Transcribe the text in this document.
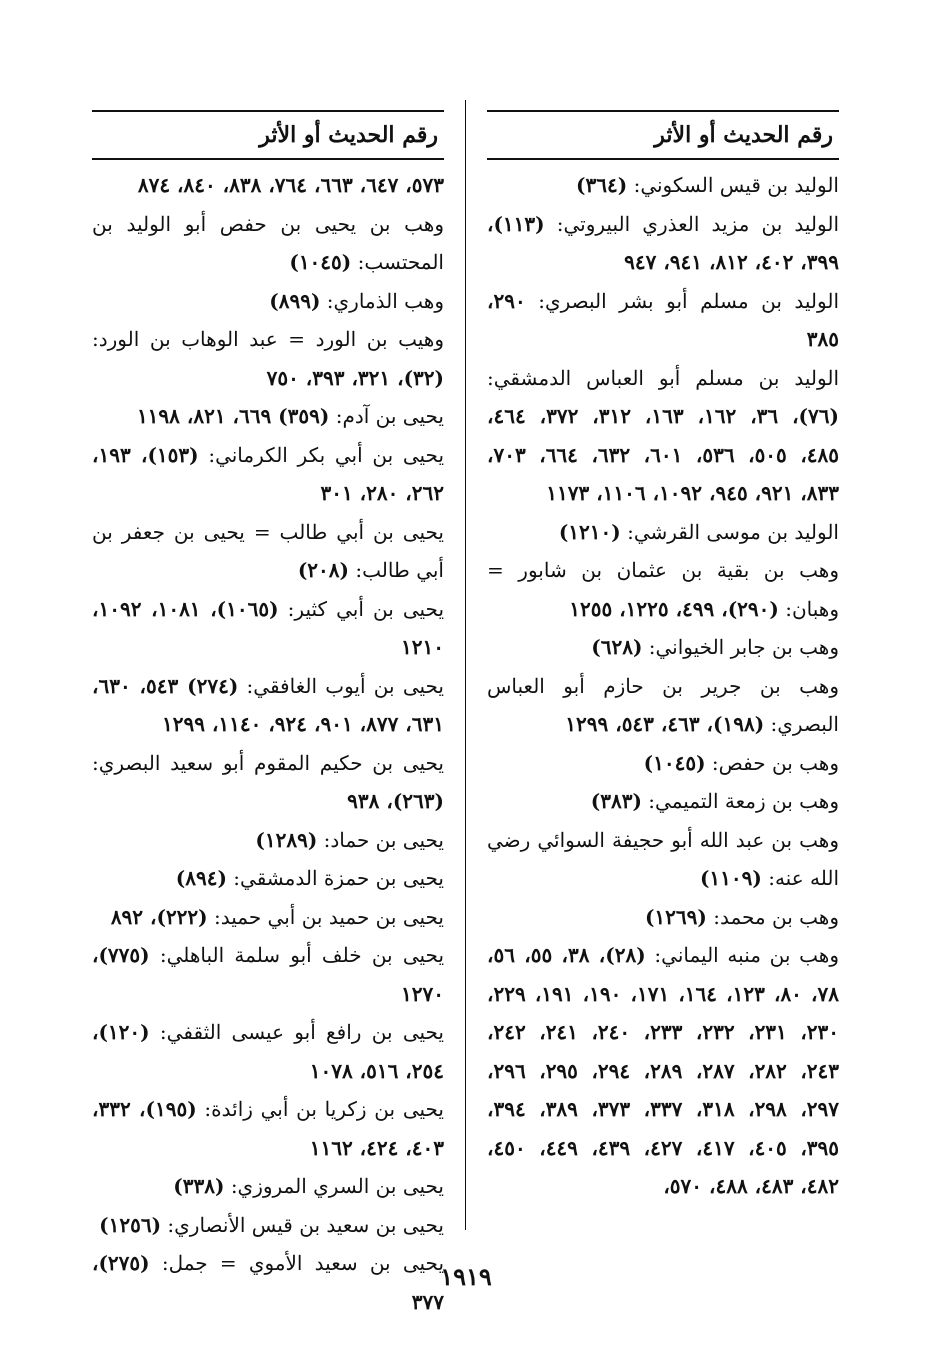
رقم الحديث أو الأثر
الوليد بن قيس السكوني: (٣٦٤)
الوليد بن مزيد العذري البيروتي: (١١٣)، ٣٩٩، ٤٠٢، ٨١٢، ٩٤١، ٩٤٧
الوليد بن مسلم أبو بشر البصري: ٢٩٠، ٣٨٥
الوليد بن مسلم أبو العباس الدمشقي: (٧٦)، ٣٦، ١٦٢، ١٦٣، ٣١٢، ٣٧٢، ٤٦٤، ٤٨٥، ٥٠٥، ٥٣٦، ٦٠١، ٦٣٢، ٦٦٤، ٧٠٣، ٨٣٣، ٩٢١، ٩٤٥، ١٠٩٢، ١١٠٦، ١١٧٣
الوليد بن موسى القرشي: (١٢١٠)
وهب بن بقية بن عثمان بن شابور = وهبان: (٢٩٠)، ٤٩٩، ١٢٢٥، ١٢٥٥
وهب بن جابر الخيواني: (٦٢٨)
وهب بن جرير بن حازم أبو العباس البصري: (١٩٨)، ٤٦٣، ٥٤٣، ١٢٩٩
وهب بن حفص: (١٠٤٥)
وهب بن زمعة التميمي: (٣٨٣)
وهب بن عبد الله أبو حجيفة السوائي رضي الله عنه: (١١٠٩)
وهب بن محمد: (١٢٦٩)
وهب بن منبه اليماني: (٢٨)، ٣٨، ٥٥، ٥٦، ٧٨، ٨٠، ١٢٣، ١٦٤، ١٧١، ١٩٠، ١٩١، ٢٢٩، ٢٣٠، ٢٣١، ٢٣٢، ٢٣٣، ٢٤٠، ٢٤١، ٢٤٢، ٢٤٣، ٢٨٢، ٢٨٧، ٢٨٩، ٢٩٤، ٢٩٥، ٢٩٦، ٢٩٧، ٢٩٨، ٣١٨، ٣٣٧، ٣٧٣، ٣٨٩، ٣٩٤، ٣٩٥، ٤٠٥، ٤١٧، ٤٢٧، ٤٣٩، ٤٤٩، ٤٥٠، ٤٨٢، ٤٨٣، ٤٨٨، ٥٧٠،
رقم الحديث أو الأثر
٥٧٣، ٦٤٧، ٦٦٣، ٧٦٤، ٨٣٨، ٨٤٠، ٨٧٤
وهب بن يحيى بن حفص أبو الوليد بن المحتسب: (١٠٤٥)
وهب الذماري: (٨٩٩)
وهيب بن الورد = عبد الوهاب بن الورد: (٣٢)، ٣٢١، ٣٩٣، ٧٥٠
يحيى بن آدم: (٣٥٩) ٦٦٩، ٨٢١، ١١٩٨
يحيى بن أبي بكر الكرماني: (١٥٣)، ١٩٣، ٢٦٢، ٢٨٠، ٣٠١
يحيى بن أبي طالب = يحيى بن جعفر بن أبي طالب: (٢٠٨)
يحيى بن أبي كثير: (١٠٦٥)، ١٠٨١، ١٠٩٢، ١٢١٠
يحيى بن أيوب الغافقي: (٢٧٤) ٥٤٣، ٦٣٠، ٦٣١، ٨٧٧، ٩٠١، ٩٢٤، ١١٤٠، ١٢٩٩
يحيى بن حكيم المقوم أبو سعيد البصري: (٢٦٣)، ٩٣٨
يحيى بن حماد: (١٢٨٩)
يحيى بن حمزة الدمشقي: (٨٩٤)
يحيى بن حميد بن أبي حميد: (٢٢٢)، ٨٩٢
يحيى بن خلف أبو سلمة الباهلي: (٧٧٥)، ١٢٧٠
يحيى بن رافع أبو عيسى الثقفي: (١٢٠)، ٢٥٤، ٥١٦، ١٠٧٨
يحيى بن زكريا بن أبي زائدة: (١٩٥)، ٣٣٢، ٤٠٣، ٤٢٤، ١١٦٢
يحيى بن السري المروزي: (٣٣٨)
يحيى بن سعيد بن قيس الأنصاري: (١٢٥٦)
يحيى بن سعيد الأموي = جمل: (٢٧٥)، ٣٧٧
١٩١٩
